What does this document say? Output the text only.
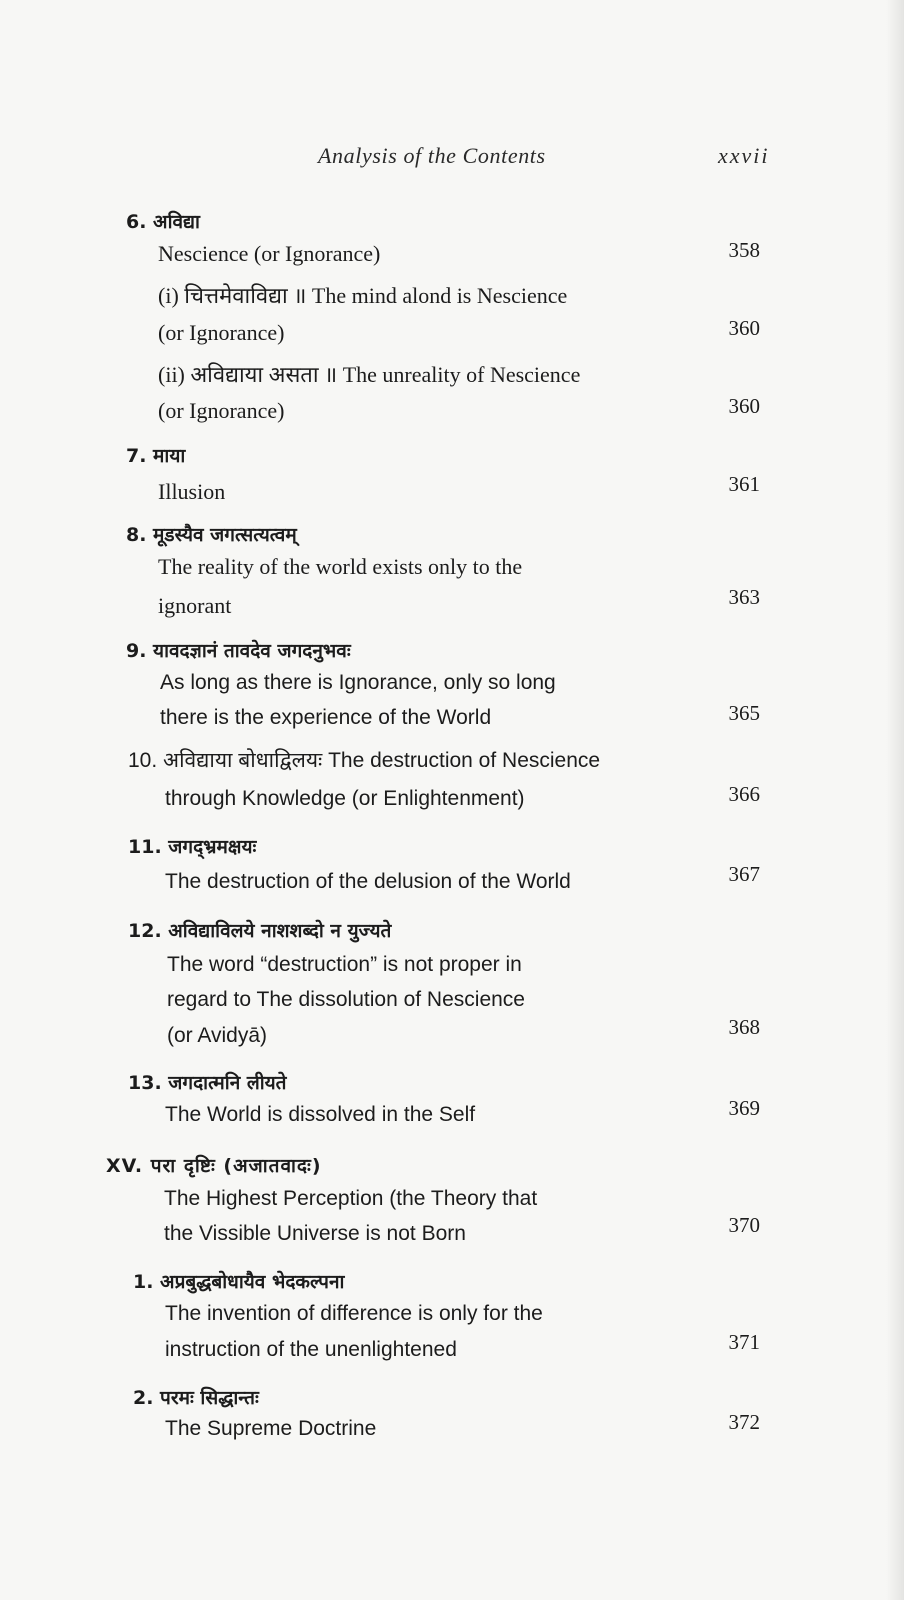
Analysis of the Contents	xxvii
6. अविद्या
Nescience (or Ignorance)	358
(i) चित्तमेवाविद्या ॥ The mind alond is Nescience
(or Ignorance)	360
(ii) अविद्याया असता ॥ The unreality of Nescience
(or Ignorance)	360
7. माया
Illusion	361
8. मूडस्यैव जगत्सत्यत्वम्
The reality of the world exists only to the
ignorant	363
9. यावदज्ञानं तावदेव जगदनुभवः
As long as there is Ignorance, only so long
there is the experience of the World	365
10. अविद्याया बोधाद्विलयः The destruction of Nescience
through Knowledge (or Enlightenment)	366
11. जगद्भ्रमक्षयः
The destruction of the delusion of the World	367
12. अविद्याविलये नाशशब्दो न युज्यते
The word “destruction” is not proper in
regard to The dissolution of Nescience
(or Avidyā)	368
13. जगदात्मनि लीयते
The World is dissolved in the Self	369
XV. परा दृष्टिः (अजातवादः)
The Highest Perception (the Theory that
the Vissible Universe is not Born	370
1. अप्रबुद्धबोधायैव भेदकल्पना
The invention of difference is only for the
instruction of the unenlightened	371
2. परमः सिद्धान्तः
The Supreme Doctrine	372
